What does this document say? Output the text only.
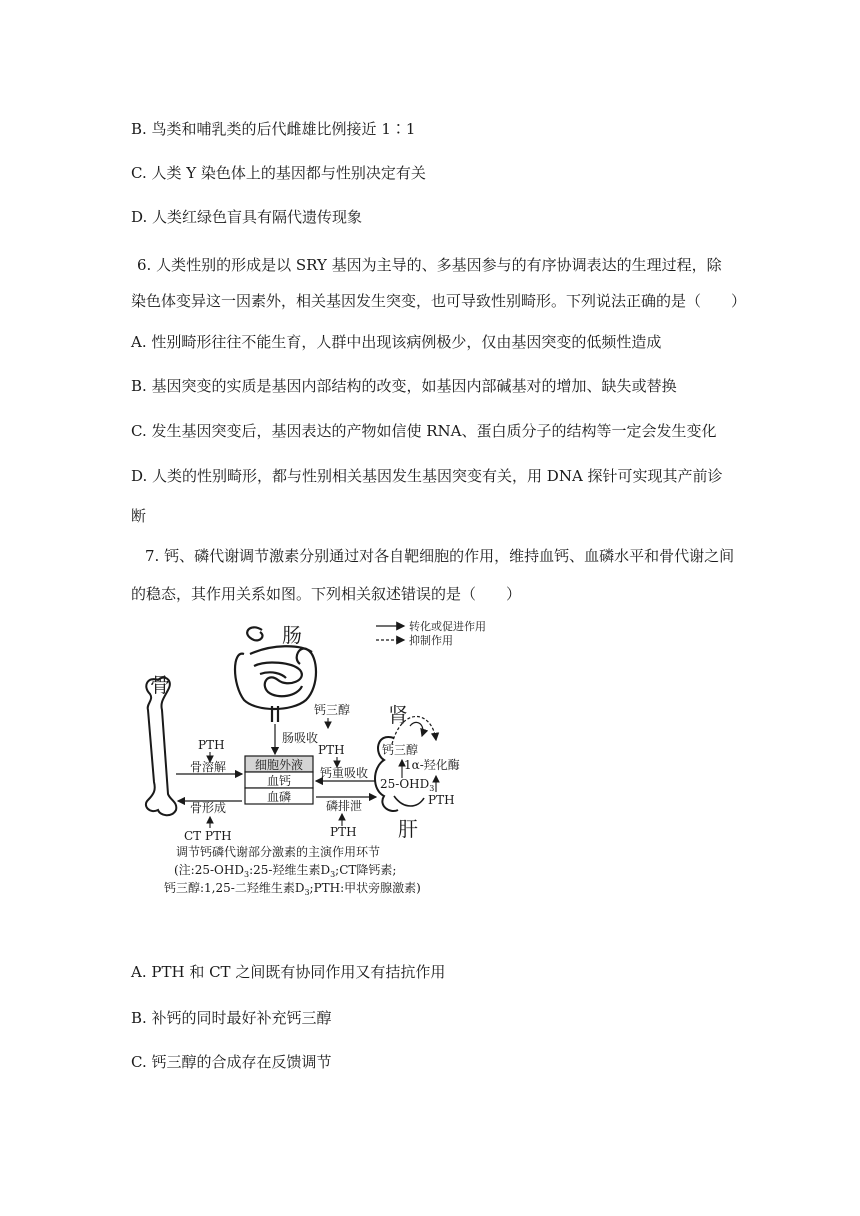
B. 鸟类和哺乳类的后代雌雄比例接近 1∶1
C. 人类 Y 染色体上的基因都与性别决定有关
D. 人类红绿色盲具有隔代遗传现象
6. 人类性别的形成是以 SRY 基因为主导的、多基因参与的有序协调表达的生理过程，除
染色体变异这一因素外，相关基因发生突变，也可导致性别畸形。下列说法正确的是（　　）
A. 性别畸形往往不能生育，人群中出现该病例极少，仅由基因突变的低频性造成
B. 基因突变的实质是基因内部结构的改变，如基因内部碱基对的增加、缺失或替换
C. 发生基因突变后，基因表达的产物如信使 RNA、蛋白质分子的结构等一定会发生变化
D. 人类的性别畸形，都与性别相关基因发生基因突变有关，用 DNA 探针可实现其产前诊
断
7. 钙、磷代谢调节激素分别通过对各自靶细胞的作用，维持血钙、血磷水平和骨代谢之间
的稳态，其作用关系如图。下列相关叙述错误的是（　　）
转化或促进作用
抑制作用
肠
骨
细胞外液
血钙
血磷
钙三醇
肠吸收
PTH
骨溶解
骨形成
CT PTH
PTH
钙重吸收
磷排泄
PTH
肾
钙三醇
1α-羟化酶
$25-OHD_3$
PTH
肝
调节钙磷代谢部分激素的主演作用环节
(注$:25-OHD_3:25-$羟维生素$D_3;CT$降钙素;
钙三醇:1,25-二羟维生素$D_3;PTH$:甲状旁腺激素)
A. PTH 和 CT 之间既有协同作用又有拮抗作用
B. 补钙的同时最好补充钙三醇
C. 钙三醇的合成存在反馈调节
